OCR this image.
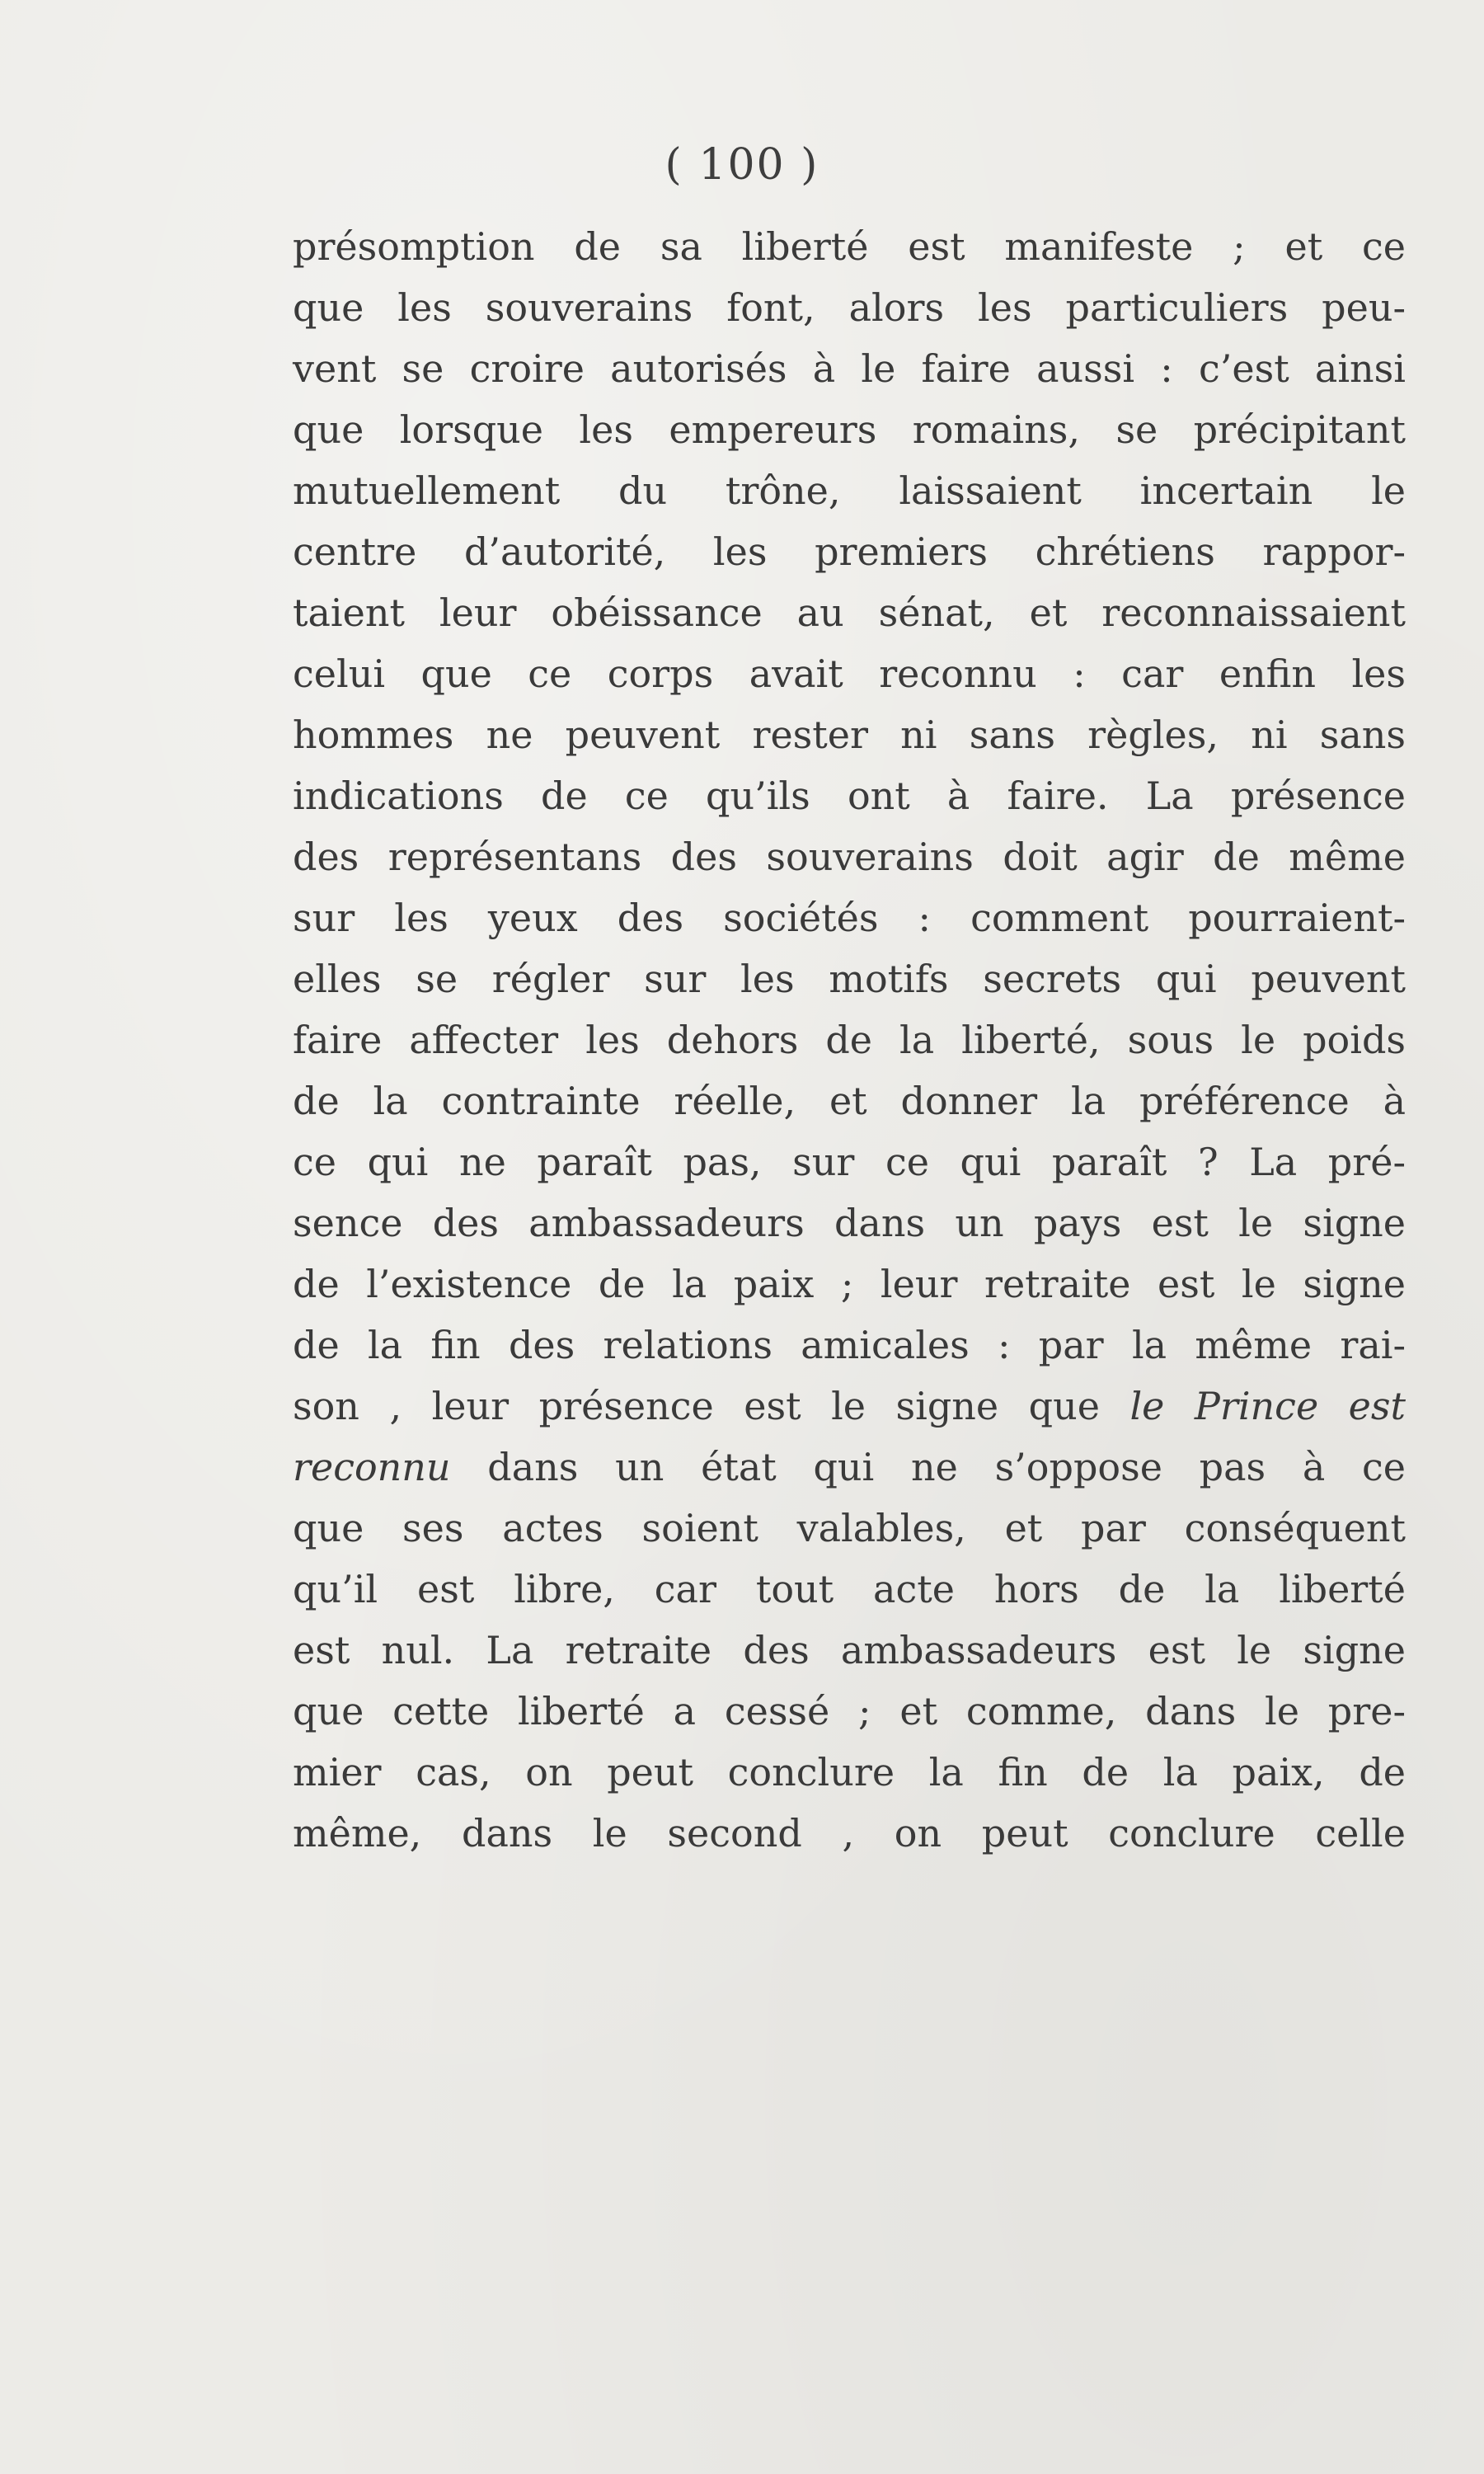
( 100 )
présomption de sa liberté est manifeste ; et ce
que les souverains font, alors les particuliers peu-
vent se croire autorisés à le faire aussi : c’est ainsi
que lorsque les empereurs romains, se précipitant
mutuellement du trône, laissaient incertain le
centre d’autorité, les premiers chrétiens rappor-
taient leur obéissance au sénat, et reconnaissaient
celui que ce corps avait reconnu : car enfin les
hommes ne peuvent rester ni sans règles, ni sans
indications de ce qu’ils ont à faire. La présence
des représentans des souverains doit agir de même
sur les yeux des sociétés : comment pourraient-
elles se régler sur les motifs secrets qui peuvent
faire affecter les dehors de la liberté, sous le poids
de la contrainte réelle, et donner la préférence à
ce qui ne paraît pas, sur ce qui paraît ? La pré-
sence des ambassadeurs dans un pays est le signe
de l’existence de la paix ; leur retraite est le signe
de la fin des relations amicales : par la même rai-
son , leur présence est le signe que le Prince est
reconnu dans un état qui ne s’oppose pas à ce
que ses actes soient valables, et par conséquent
qu’il est libre, car tout acte hors de la liberté
est nul. La retraite des ambassadeurs est le signe
que cette liberté a cessé ; et comme, dans le pre-
mier cas, on peut conclure la fin de la paix, de
même, dans le second , on peut conclure celle
